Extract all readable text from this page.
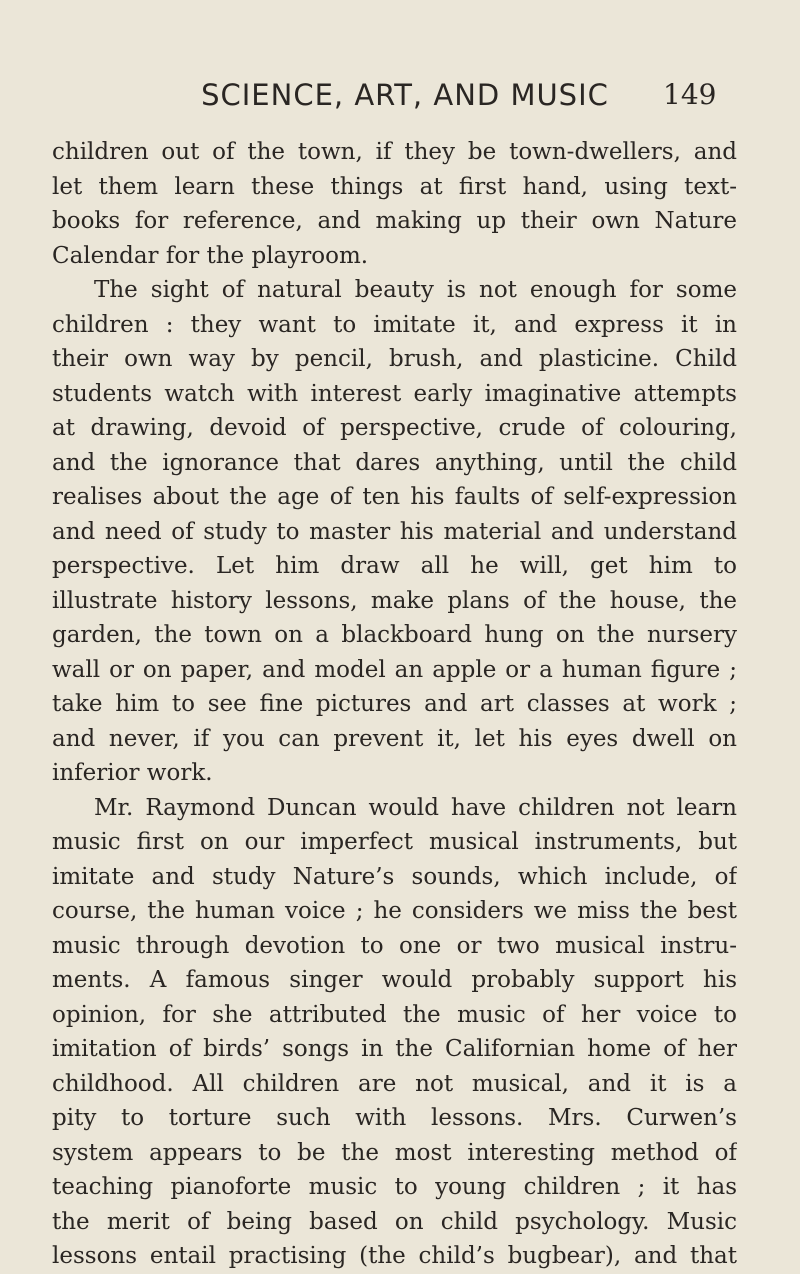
SCIENCE, ART, AND MUSIC 149
children out of the town, if they be town-dwellers, and
let them learn these things at first hand, using text-
books for reference, and making up their own Nature
Calendar for the playroom.
The sight of natural beauty is not enough for some
children : they want to imitate it, and express it in
their own way by pencil, brush, and plasticine. Child
students watch with interest early imaginative attempts
at drawing, devoid of perspective, crude of colouring,
and the ignorance that dares anything, until the child
realises about the age of ten his faults of self-expression
and need of study to master his material and understand
perspective. Let him draw all he will, get him to
illustrate history lessons, make plans of the house, the
garden, the town on a blackboard hung on the nursery
wall or on paper, and model an apple or a human figure ;
take him to see fine pictures and art classes at work ;
and never, if you can prevent it, let his eyes dwell on
inferior work.
Mr. Raymond Duncan would have children not learn
music first on our imperfect musical instruments, but
imitate and study Nature’s sounds, which include, of
course, the human voice ; he considers we miss the best
music through devotion to one or two musical instru-
ments. A famous singer would probably support his
opinion, for she attributed the music of her voice to
imitation of birds’ songs in the Californian home of her
childhood. All children are not musical, and it is a
pity to torture such with lessons. Mrs. Curwen’s
system appears to be the most interesting method of
teaching pianoforte music to young children ; it has
the merit of being based on child psychology. Music
lessons entail practising (the child’s bugbear), and that
